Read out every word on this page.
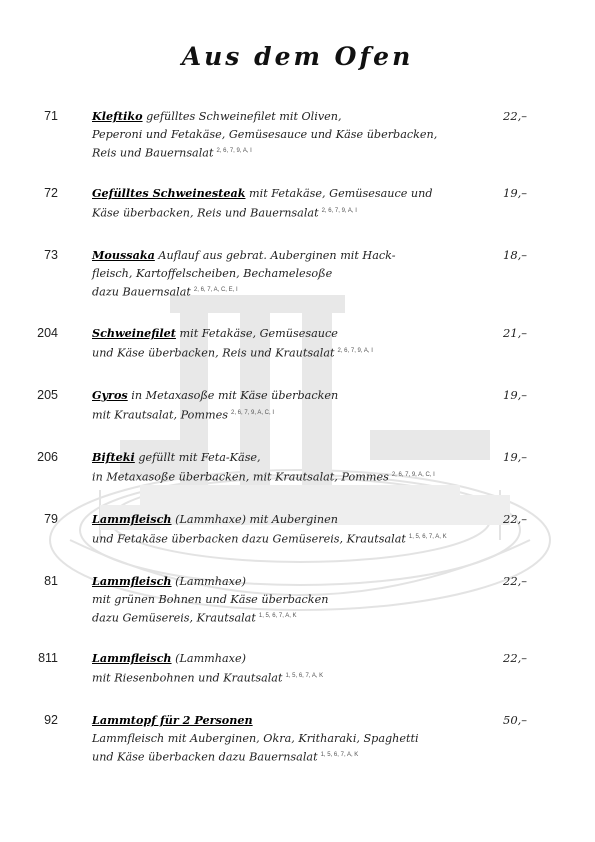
Aus dem Ofen
71	Kleftiko gefülltes Schweinefilet mit Oliven,
Peperoni und Fetakäse, Gemüsesauce und Käse überbacken,
Reis und Bauernsalat $^{2, 6, 7, 9, A, I}$
22,–
72	Gefülltes Schweinesteak mit Fetakäse, Gemüsesauce und
Käse überbacken, Reis und Bauernsalat $^{2, 6, 7, 9, A, I}$
19,–
73	Moussaka Auflauf aus gebrat. Auberginen mit Hack-
fleisch, Kartoffelscheiben, Bechamelesoße
dazu Bauernsalat $^{2, 6, 7, A, C, E, I}$
18,–
204	Schweinefilet mit Fetakäse, Gemüsesauce
und Käse überbacken, Reis und Krautsalat $^{2, 6, 7, 9, A, I}$
21,–
205	Gyros in Metaxasoße mit Käse überbacken
mit Krautsalat, Pommes $^{2, 6, 7, 9, A, C, I}$
19,–
206	Bifteki gefüllt mit Feta-Käse,
in Metaxasoße überbacken, mit Krautsalat, Pommes $^{2, 6, 7, 9, A, C, I}$
19,–
79	Lammfleisch (Lammhaxe) mit Auberginen
und Fetakäse überbacken dazu Gemüsereis, Krautsalat $^{1, 5, 6, 7, A, K}$
22,–
81	Lammfleisch (Lammhaxe)
mit grünen Bohnen und Käse überbacken
dazu Gemüsereis, Krautsalat $^{1, 5, 6, 7, A, K}$
22,–
811	Lammfleisch (Lammhaxe)
mit Riesenbohnen und Krautsalat $^{1, 5, 6, 7, A, K}$
22,–
92	Lammtopf für 2 Personen
Lammfleisch mit Auberginen, Okra, Kritharaki, Spaghetti
und Käse überbacken dazu Bauernsalat $^{1, 5, 6, 7, A, K}$
50,–
